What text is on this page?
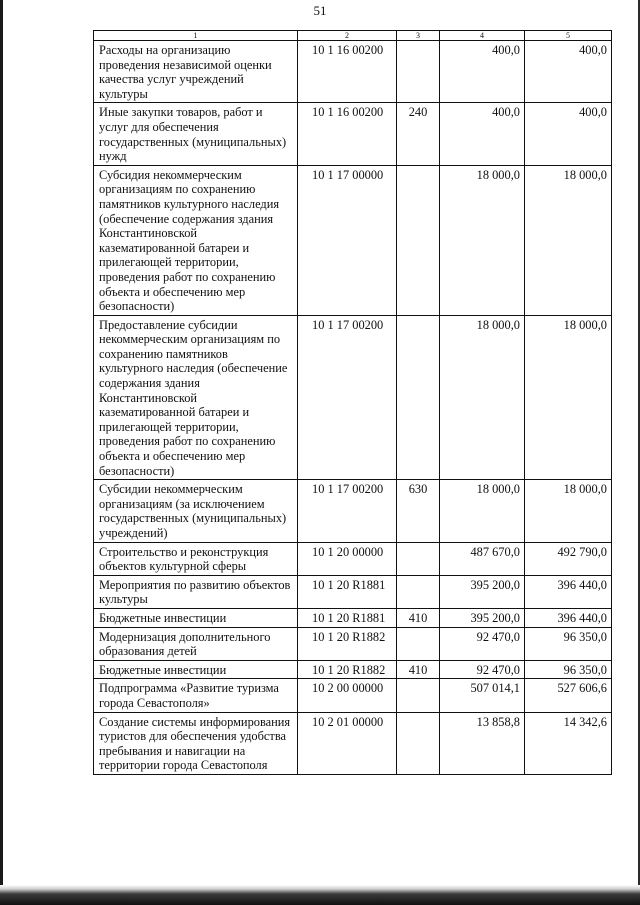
51
1	2	3	4	5
Расходы на организацию проведения независимой оценки качества услуг учреждений культуры	10 1 16 00200		400,0	400,0
Иные закупки товаров, работ и услуг для обеспечения государственных (муниципальных) нужд	10 1 16 00200	240	400,0	400,0
Субсидия некоммерческим организациям по сохранению памятников культурного наследия (обеспечение содержания здания Константиновской казематированной батареи и прилегающей территории, проведения работ по сохранению объекта и обеспечению мер безопасности)	10 1 17 00000		18 000,0	18 000,0
Предоставление субсидии некоммерческим организациям по сохранению памятников культурного наследия (обеспечение содержания здания Константиновской казематированной батареи и прилегающей территории, проведения работ по сохранению объекта и обеспечению мер безопасности)	10 1 17 00200		18 000,0	18 000,0
Субсидии некоммерческим организациям (за исключением государственных (муниципальных) учреждений)	10 1 17 00200	630	18 000,0	18 000,0
Строительство и реконструкция объектов культурной сферы	10 1 20 00000		487 670,0	492 790,0
Мероприятия по развитию объектов культуры	10 1 20 R1881		395 200,0	396 440,0
Бюджетные инвестиции	10 1 20 R1881	410	395 200,0	396 440,0
Модернизация дополнительного образования детей	10 1 20 R1882		92 470,0	96 350,0
Бюджетные инвестиции	10 1 20 R1882	410	92 470,0	96 350,0
Подпрограмма «Развитие туризма города Севастополя»	10 2 00 00000		507 014,1	527 606,6
Создание системы информирования туристов для обеспечения удобства пребывания и навигации на территории города Севастополя	10 2 01 00000		13 858,8	14 342,6
